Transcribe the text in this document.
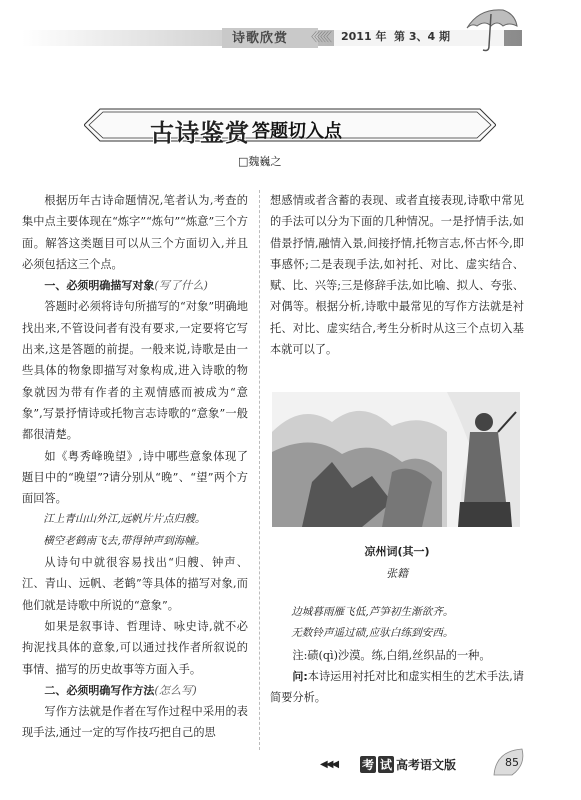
诗歌欣赏 〈〈〈〈〈〈 2011 年 第 3、4 期
古诗鉴赏 答题切入点
□魏巍之

根据历年古诗命题情况,笔者认为,考查的集中点主要体现在“炼字”“炼句”“炼意”三个方面。解答这类题目可以从三个方面切入,并且必须包括这三个点。

一、必须明确描写对象(写了什么)

答题时必须将诗句所描写的“对象”明确地找出来,不管设问者有没有要求,一定要将它写出来,这是答题的前提。一般来说,诗歌是由一些具体的物象即描写对象构成,进入诗歌的物象就因为带有作者的主观情感而被成为“意象”,写景抒情诗或托物言志诗歌的“意象”一般都很清楚。

如《粤秀峰晚望》,诗中哪些意象体现了题目中的“晚望”?请分别从“晚”、“望”两个方面回答。

江上青山山外江,远帆片片点归艘。

横空老鹤南飞去,带得钟声到海幢。

从诗句中就很容易找出“归艘、钟声、江、青山、远帆、老鹤”等具体的描写对象,而他们就是诗歌中所说的“意象”。

如果是叙事诗、哲理诗、咏史诗,就不必拘泥找具体的意象,可以通过找作者所叙说的事情、描写的历史故事等方面入手。

二、必须明确写作方法(怎么写)

写作方法就是作者在写作过程中采用的表现手法,通过一定的写作技巧把自己的思

想感情或者含蓄的表现、或者直接表现,诗歌中常见的手法可以分为下面的几种情况。一是抒情手法,如借景抒情,融情入景,间接抒情,托物言志,怀古怀今,即事感怀;二是表现手法,如衬托、对比、虚实结合、赋、比、兴等;三是修辞手法,如比喻、拟人、夸张、对偶等。根据分析,诗歌中最常见的写作方法就是衬托、对比、虚实结合,考生分析时从这三个点切入基本就可以了。

凉州词(其一)
张籍

边城暮雨雁飞低,芦笋初生渐欲齐。

无数铃声遥过碛,应驮白练到安西。

注:碛(qì)沙漠。练,白绢,丝织品的一种。

问:本诗运用衬托对比和虚实相生的艺术手法,请简要分析。

◀◀◀ 考 试 高考语文版	85
